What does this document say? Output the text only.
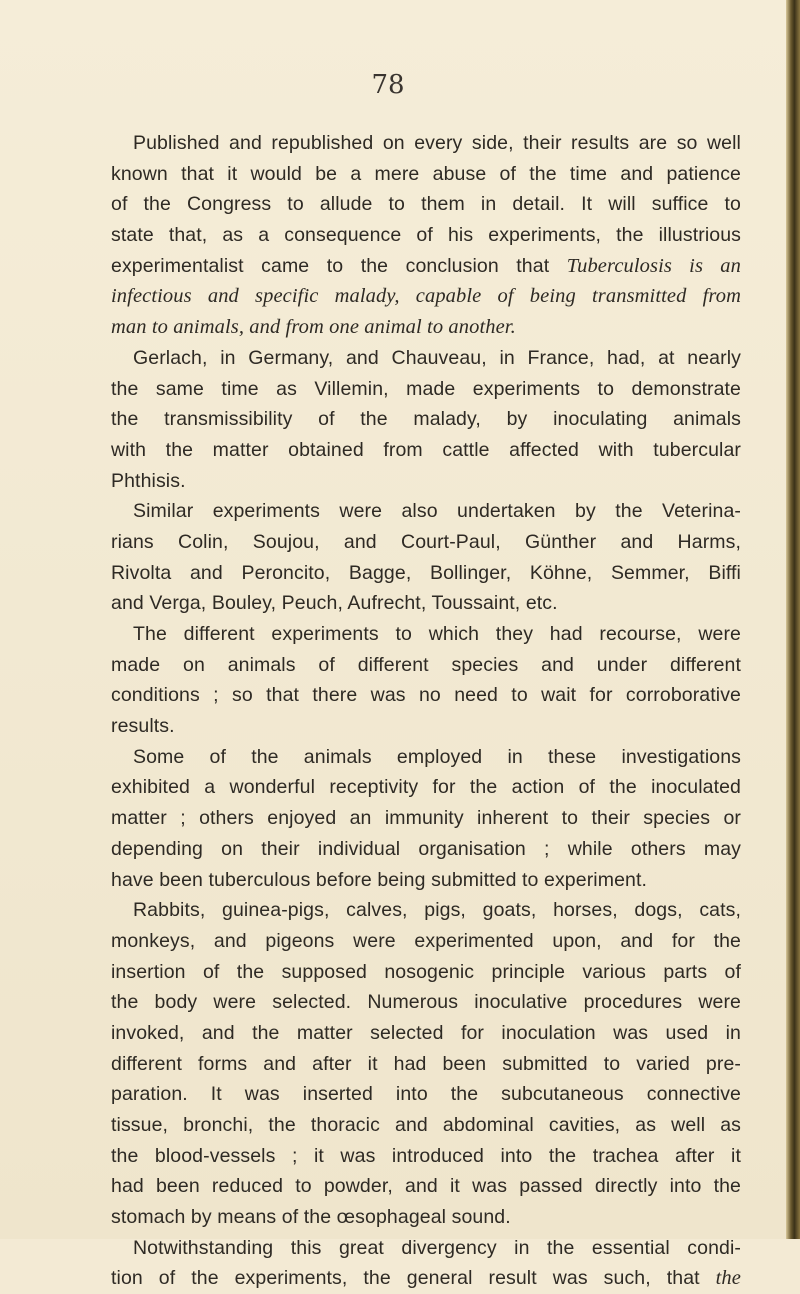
78
Published and republished on every side, their results are so well
known that it would be a mere abuse of the time and patience
of the Congress to allude to them in detail. It will suffice to
state that, as a consequence of his experiments, the illustrious
experimentalist came to the conclusion that Tuberculosis is an
infectious and specific malady, capable of being transmitted from
man to animals, and from one animal to another.
Gerlach, in Germany, and Chauveau, in France, had, at nearly
the same time as Villemin, made experiments to demonstrate
the transmissibility of the malady, by inoculating animals
with the matter obtained from cattle affected with tubercular
Phthisis.
Similar experiments were also undertaken by the Veterina-
rians Colin, Soujou, and Court-Paul, Günther and Harms,
Rivolta and Peroncito, Bagge, Bollinger, Köhne, Semmer, Biffi
and Verga, Bouley, Peuch, Aufrecht, Toussaint, etc.
The different experiments to which they had recourse, were
made on animals of different species and under different
conditions ; so that there was no need to wait for corroborative
results.
Some of the animals employed in these investigations
exhibited a wonderful receptivity for the action of the inoculated
matter ; others enjoyed an immunity inherent to their species or
depending on their individual organisation ; while others may
have been tuberculous before being submitted to experiment.
Rabbits, guinea-pigs, calves, pigs, goats, horses, dogs, cats,
monkeys, and pigeons were experimented upon, and for the
insertion of the supposed nosogenic principle various parts of
the body were selected. Numerous inoculative procedures were
invoked, and the matter selected for inoculation was used in
different forms and after it had been submitted to varied pre-
paration. It was inserted into the subcutaneous connective
tissue, bronchi, the thoracic and abdominal cavities, as well as
the blood-vessels ; it was introduced into the trachea after it
had been reduced to powder, and it was passed directly into the
stomach by means of the œsophageal sound.
Notwithstanding this great divergency in the essential condi-
tion of the experiments, the general result was such, that the
